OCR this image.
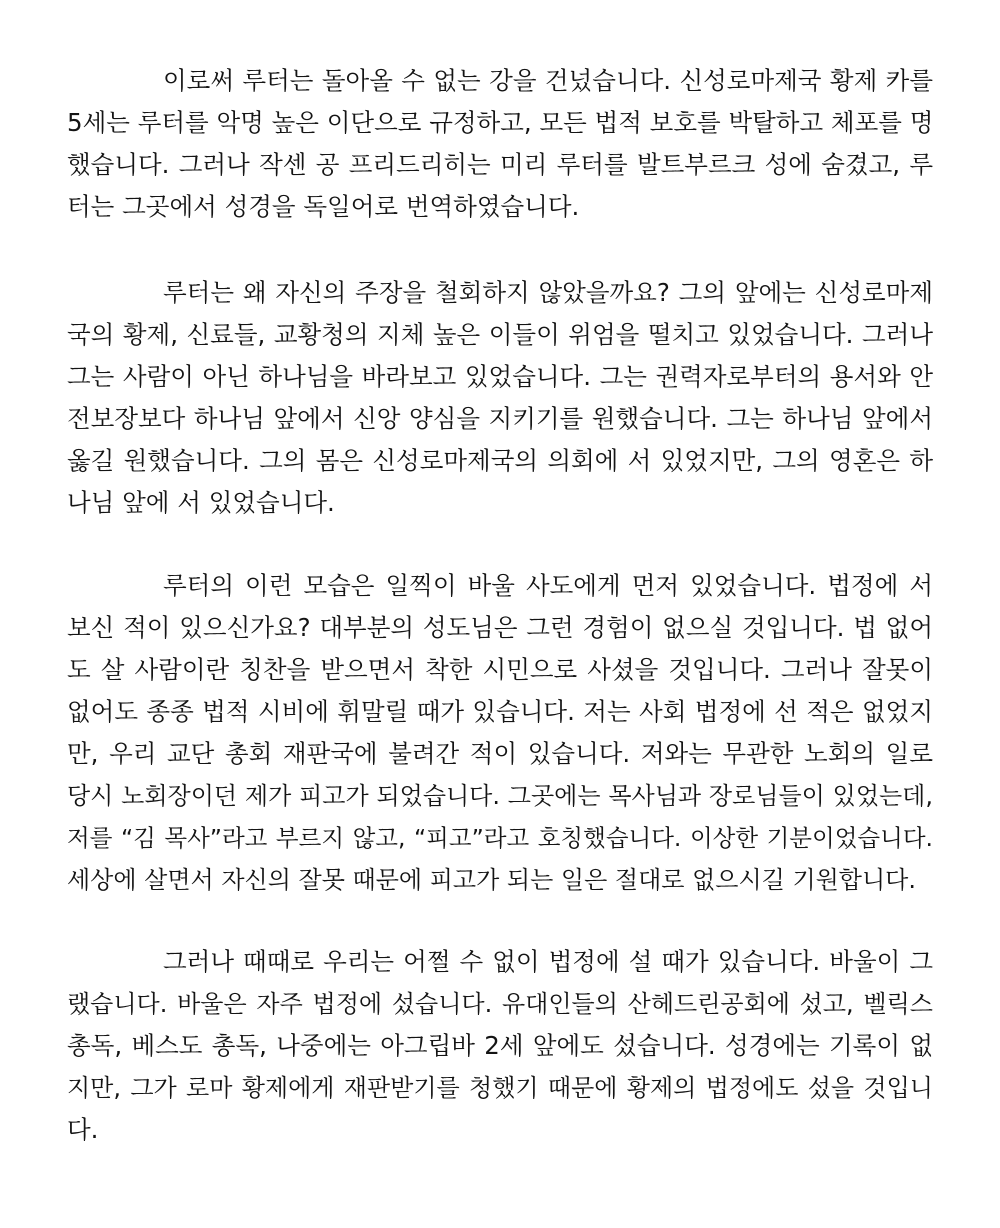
이로써 루터는 돌아올 수 없는 강을 건넜습니다. 신성로마제국 황제 카를
5세는 루터를 악명 높은 이단으로 규정하고, 모든 법적 보호를 박탈하고 체포를 명
했습니다. 그러나 작센 공 프리드리히는 미리 루터를 발트부르크 성에 숨겼고, 루
터는 그곳에서 성경을 독일어로 번역하였습니다.
루터는 왜 자신의 주장을 철회하지 않았을까요? 그의 앞에는 신성로마제
국의 황제, 신료들, 교황청의 지체 높은 이들이 위엄을 떨치고 있었습니다. 그러나
그는 사람이 아닌 하나님을 바라보고 있었습니다. 그는 권력자로부터의 용서와 안
전보장보다 하나님 앞에서 신앙 양심을 지키기를 원했습니다. 그는 하나님 앞에서
옳길 원했습니다. 그의 몸은 신성로마제국의 의회에 서 있었지만, 그의 영혼은 하
나님 앞에 서 있었습니다.
루터의 이런 모습은 일찍이 바울 사도에게 먼저 있었습니다. 법정에 서
보신 적이 있으신가요? 대부분의 성도님은 그런 경험이 없으실 것입니다. 법 없어
도 살 사람이란 칭찬을 받으면서 착한 시민으로 사셨을 것입니다. 그러나 잘못이
없어도 종종 법적 시비에 휘말릴 때가 있습니다. 저는 사회 법정에 선 적은 없었지
만, 우리 교단 총회 재판국에 불려간 적이 있습니다. 저와는 무관한 노회의 일로
당시 노회장이던 제가 피고가 되었습니다. 그곳에는 목사님과 장로님들이 있었는데,
저를 “김 목사”라고 부르지 않고, “피고”라고 호칭했습니다. 이상한 기분이었습니다.
세상에 살면서 자신의 잘못 때문에 피고가 되는 일은 절대로 없으시길 기원합니다.
그러나 때때로 우리는 어쩔 수 없이 법정에 설 때가 있습니다. 바울이 그
랬습니다. 바울은 자주 법정에 섰습니다. 유대인들의 산헤드린공회에 섰고, 벨릭스
총독, 베스도 총독, 나중에는 아그립바 2세 앞에도 섰습니다. 성경에는 기록이 없
지만, 그가 로마 황제에게 재판받기를 청했기 때문에 황제의 법정에도 섰을 것입니
다.
